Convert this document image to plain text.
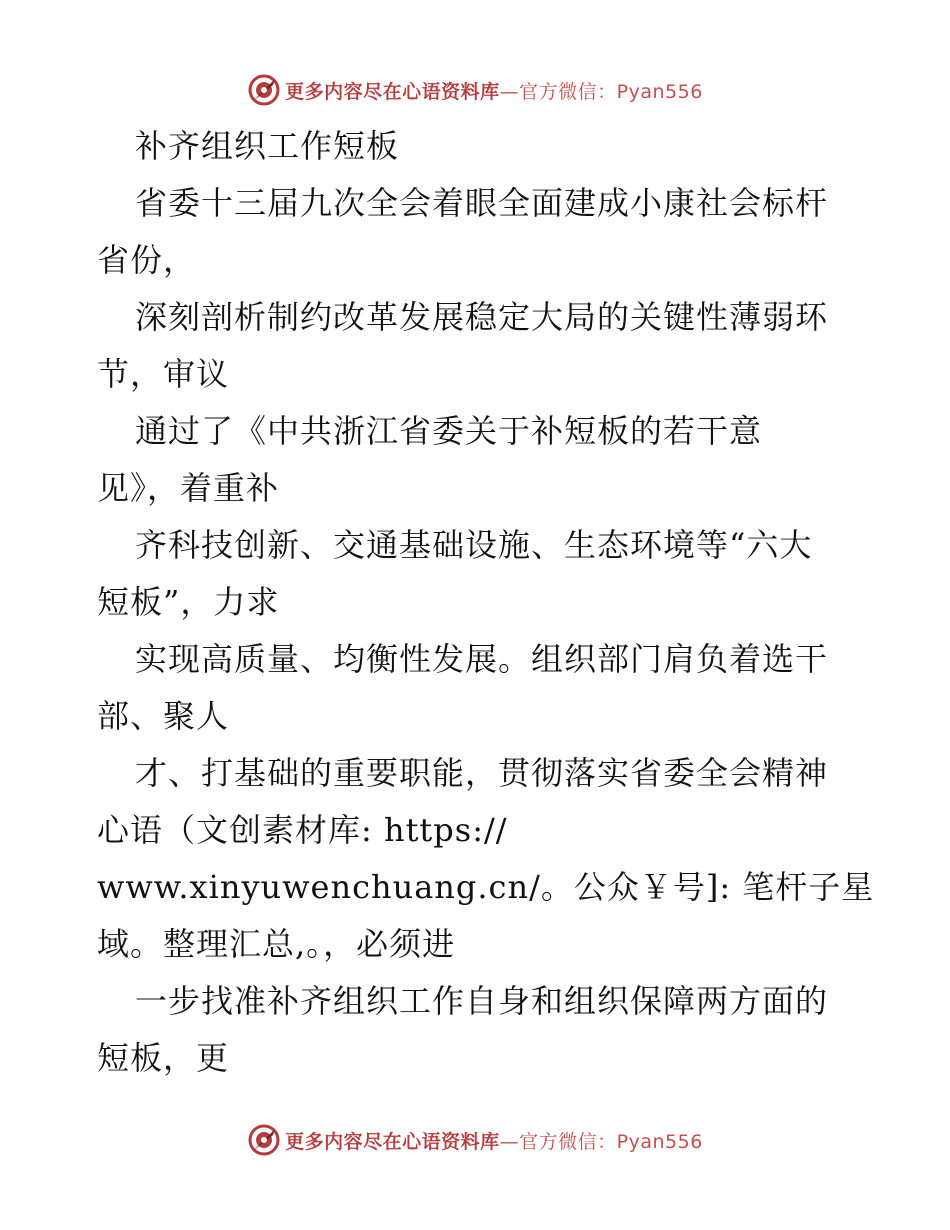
更多内容尽在心语资料库—官方微信：Pyan556
补齐组织工作短板
省委十三届九次全会着眼全面建成小康社会标杆
省份，
深刻剖析制约改革发展稳定大局的关键性薄弱环
节，审议
通过了《中共浙江省委关于补短板的若干意
见》，着重补
齐科技创新、交通基础设施、生态环境等“六大
短板”，力求
实现高质量、均衡性发展。组织部门肩负着选干
部、聚人
才、打基础的重要职能，贯彻落实省委全会精神
心语（文创素材库: https://
www.xinyuwenchuang.cn/。公众￥号]: 笔杆子星
域。整理汇总,。，必须进
一步找准补齐组织工作自身和组织保障两方面的
短板，更
更多内容尽在心语资料库—官方微信：Pyan556
